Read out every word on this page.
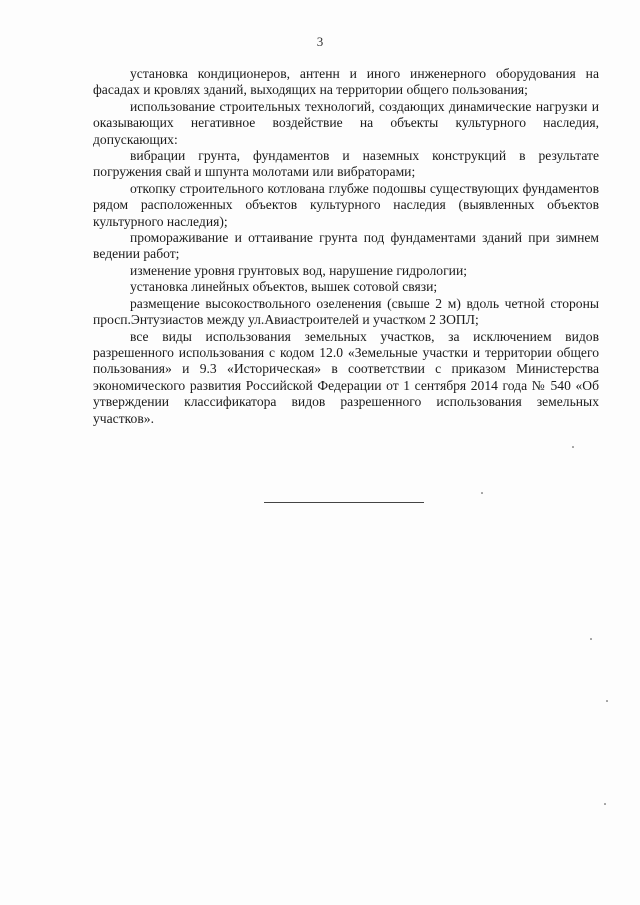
3

установка кондиционеров, антенн и иного инженерного оборудования на фасадах и кровлях зданий, выходящих на территории общего пользования;

использование строительных технологий, создающих динамические нагрузки и оказывающих негативное воздействие на объекты культурного наследия, допускающих:

вибрации грунта, фундаментов и наземных конструкций в результате погружения свай и шпунта молотами или вибраторами;

откопку строительного котлована глубже подошвы существующих фундаментов рядом расположенных объектов культурного наследия (выявленных объектов культурного наследия);

промораживание и оттаивание грунта под фундаментами зданий при зимнем ведении работ;

изменение уровня грунтовых вод, нарушение гидрологии;

установка линейных объектов, вышек сотовой связи;

размещение высокоствольного озеленения (свыше 2 м) вдоль четной стороны просп.Энтузиастов между ул.Авиастроителей и участком 2 ЗОПЛ;

все виды использования земельных участков, за исключением видов разрешенного использования с кодом 12.0 «Земельные участки и территории общего пользования» и 9.3 «Историческая» в соответствии с приказом Министерства экономического развития Российской Федерации от 1 сентября 2014 года № 540 «Об утверждении классификатора видов разрешенного использования земельных участков».
